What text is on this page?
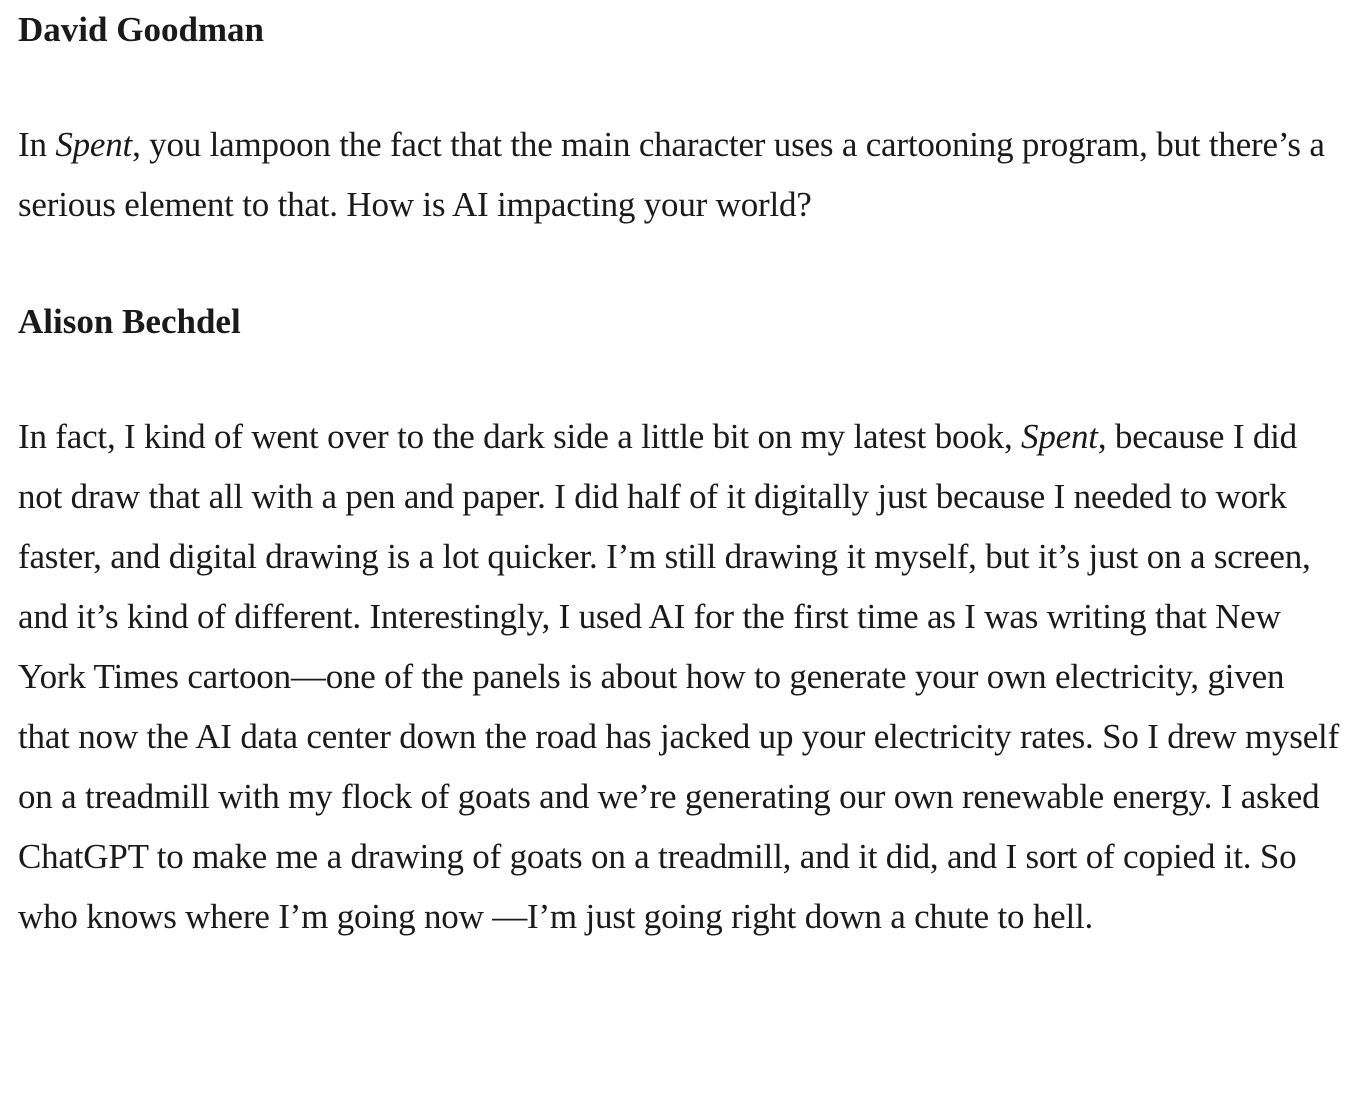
David Goodman

In Spent, you lampoon the fact that the main character uses a cartooning program, but there’s a serious element to that. How is AI impacting your world?

Alison Bechdel

In fact, I kind of went over to the dark side a little bit on my latest book, Spent, because I did not draw that all with a pen and paper. I did half of it digitally just because I needed to work faster, and digital drawing is a lot quicker. I’m still drawing it myself, but it’s just on a screen, and it’s kind of different. Interestingly, I used AI for the first time as I was writing that New York Times cartoon—one of the panels is about how to generate your own electricity, given that now the AI data center down the road has jacked up your electricity rates. So I drew myself on a treadmill with my flock of goats and we’re generating our own renewable energy. I asked ChatGPT to make me a drawing of goats on a treadmill, and it did, and I sort of copied it. So who knows where I’m going now —I’m just going right down a chute to hell.
